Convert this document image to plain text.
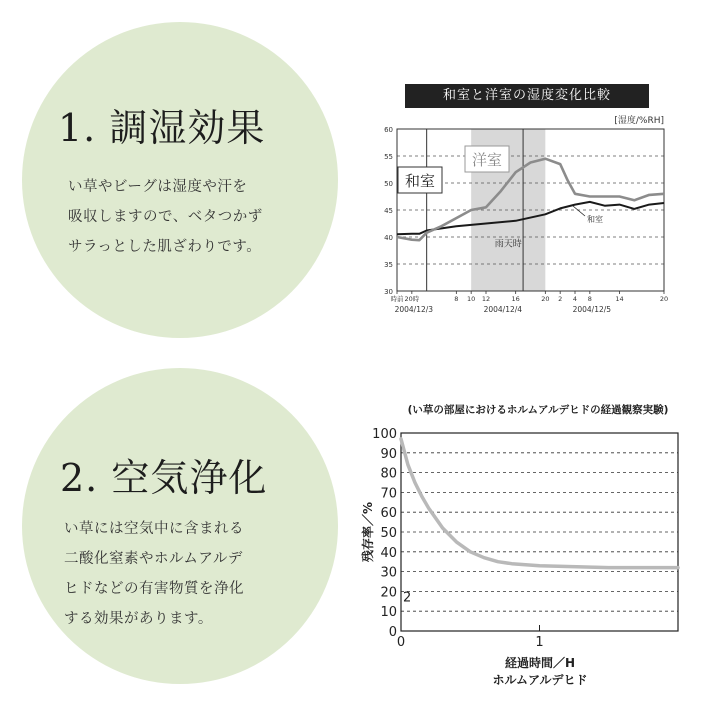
1. 調湿効果
い草やビーグは湿度や汗を
吸収しますので、ベタつかず
サラっとした肌ざわりです。
2. 空気浄化
い草には空気中に含まれる
二酸化窒素やホルムアルデ
ヒドなどの有害物質を浄化
する効果があります。
和室と洋室の湿度変化比較
30
35
40
45
50
55
60
時前 20時	8 10 12	16	20 2 4 8	14	20
2004/12/3	2004/12/4	2004/12/5
[湿度/%RH]
雨天時
和室
洋室
和室
(い草の部屋におけるホルムアルデヒドの経過観察実験)
0
10
20
30
40
50
60
70
80
90
100
0	1
2
残存率／%
経過時間／H
ホルムアルデヒド
